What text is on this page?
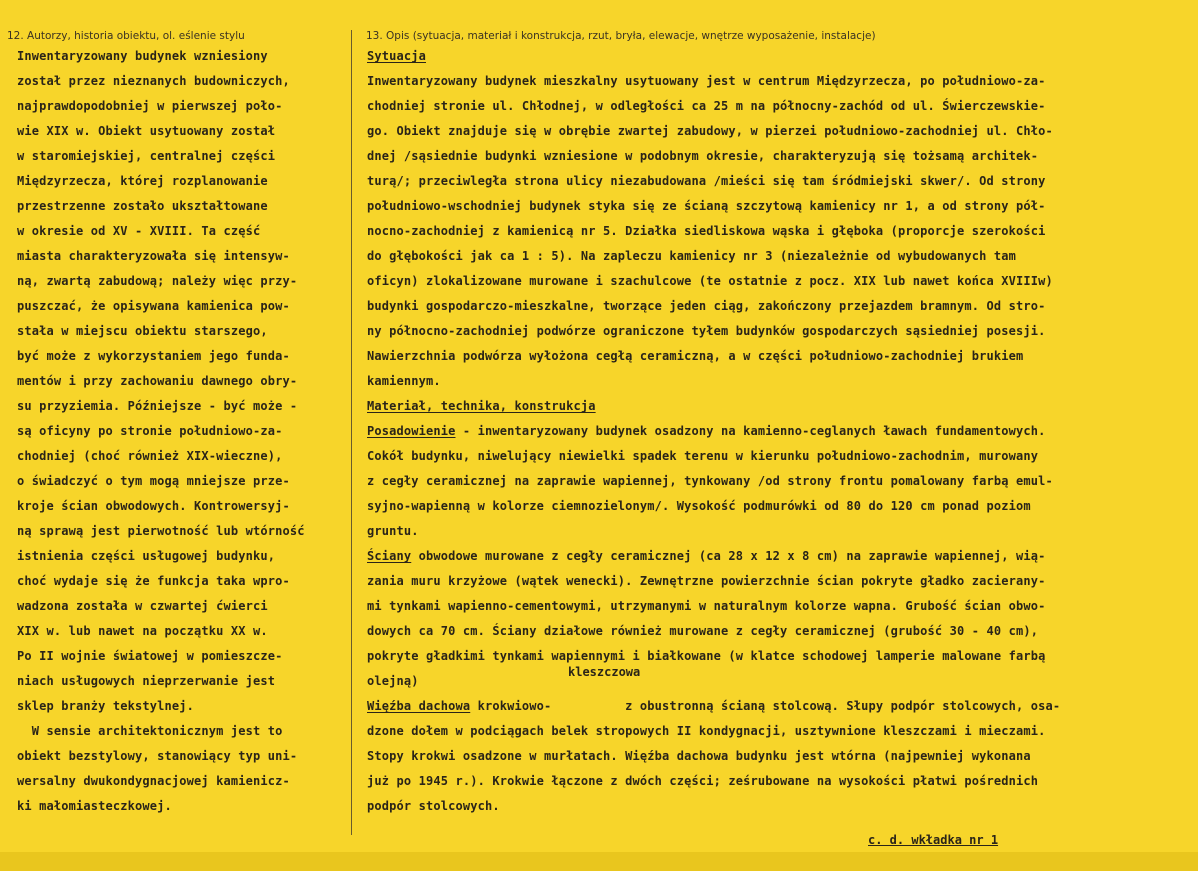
12. Autorzy, historia obiektu, ol. eślenie stylu	13. Opis (sytuacja, materiał i konstrukcja, rzut, bryła, elewacje, wnętrze wyposażenie, instalacje)
Inwentaryzowany budynek wzniesiony
został przez nieznanych budowniczych,
najprawdopodobniej w pierwszej poło-
wie XIX w. Obiekt usytuowany został
w staromiejskiej, centralnej części
Międzyrzecza, której rozplanowanie
przestrzenne zostało ukształtowane
w okresie od XV - XVIII. Ta część
miasta charakteryzowała się intensyw-
ną, zwartą zabudową; należy więc przy-
puszczać, że opisywana kamienica pow-
stała w miejscu obiektu starszego,
być może z wykorzystaniem jego funda-
mentów i przy zachowaniu dawnego obry-
su przyziemia. Późniejsze - być może -
są oficyny po stronie południowo-za-
chodniej (choć również XIX-wieczne),
o świadczyć o tym mogą mniejsze prze-
kroje ścian obwodowych. Kontrowersyj-
ną sprawą jest pierwotność lub wtórność
istnienia części usługowej budynku,
choć wydaje się że funkcja taka wpro-
wadzona została w czwartej ćwierci
XIX w. lub nawet na początku XX w.
Po II wojnie światowej w pomieszcze-
niach usługowych nieprzerwanie jest
sklep branży tekstylnej.
W sensie architektonicznym jest to
obiekt bezstylowy, stanowiący typ uni-
wersalny dwukondygnacjowej kamienicz-
ki małomiasteczkowej.
Sytuacja
Inwentaryzowany budynek mieszkalny usytuowany jest w centrum Międzyrzecza, po południowo-za-
chodniej stronie ul. Chłodnej, w odległości ca 25 m na północny-zachód od ul. Świerczewskie-
go. Obiekt znajduje się w obrębie zwartej zabudowy, w pierzei południowo-zachodniej ul. Chło-
dnej /sąsiednie budynki wzniesione w podobnym okresie, charakteryzują się tożsamą architek-
turą/; przeciwległa strona ulicy niezabudowana /mieści się tam śródmiejski skwer/. Od strony
południowo-wschodniej budynek styka się ze ścianą szczytową kamienicy nr 1, a od strony pół-
nocno-zachodniej z kamienicą nr 5. Działka siedliskowa wąska i głęboka (proporcje szerokości
do głębokości jak ca 1 : 5). Na zapleczu kamienicy nr 3 (niezależnie od wybudowanych tam
oficyn) zlokalizowane murowane i szachulcowe (te ostatnie z pocz. XIX lub nawet końca XVIIIw)
budynki gospodarczo-mieszkalne, tworzące jeden ciąg, zakończony przejazdem bramnym. Od stro-
ny północno-zachodniej podwórze ograniczone tyłem budynków gospodarczych sąsiedniej posesji.
Nawierzchnia podwórza wyłożona cegłą ceramiczną, a w części południowo-zachodniej brukiem
kamiennym.
Materiał, technika, konstrukcja
Posadowienie - inwentaryzowany budynek osadzony na kamienno-ceglanych ławach fundamentowych.
Cokół budynku, niwelujący niewielki spadek terenu w kierunku południowo-zachodnim, murowany
z cegły ceramicznej na zaprawie wapiennej, tynkowany /od strony frontu pomalowany farbą emul-
syjno-wapienną w kolorze ciemnozielonym/. Wysokość podmurówki od 80 do 120 cm ponad poziom
gruntu.
Ściany obwodowe murowane z cegły ceramicznej (ca 28 x 12 x 8 cm) na zaprawie wapiennej, wią-
zania muru krzyżowe (wątek wenecki). Zewnętrzne powierzchnie ścian pokryte gładko zacierany-
mi tynkami wapienno-cementowymi, utrzymanymi w naturalnym kolorze wapna. Grubość ścian obwo-
dowych ca 70 cm. Ściany działowe również murowane z cegły ceramicznej (grubość 30 - 40 cm),
pokryte gładkimi tynkami wapiennymi i białkowane (w klatce schodowej lamperie malowane farbą
olejną)
Więźba dachowa krokwiowo-          z obustronną ścianą stolcową. Słupy podpór stolcowych, osa-
dzone dołem w podciągach belek stropowych II kondygnacji, usztywnione kleszczami i mieczami.
Stopy krokwi osadzone w murłatach. Więźba dachowa budynku jest wtórna (najpewniej wykonana
już po 1945 r.). Krokwie łączone z dwóch części; ześrubowane na wysokości płatwi pośrednich
podpór stolcowych.
kleszczowa
c. d. wkładka nr 1
